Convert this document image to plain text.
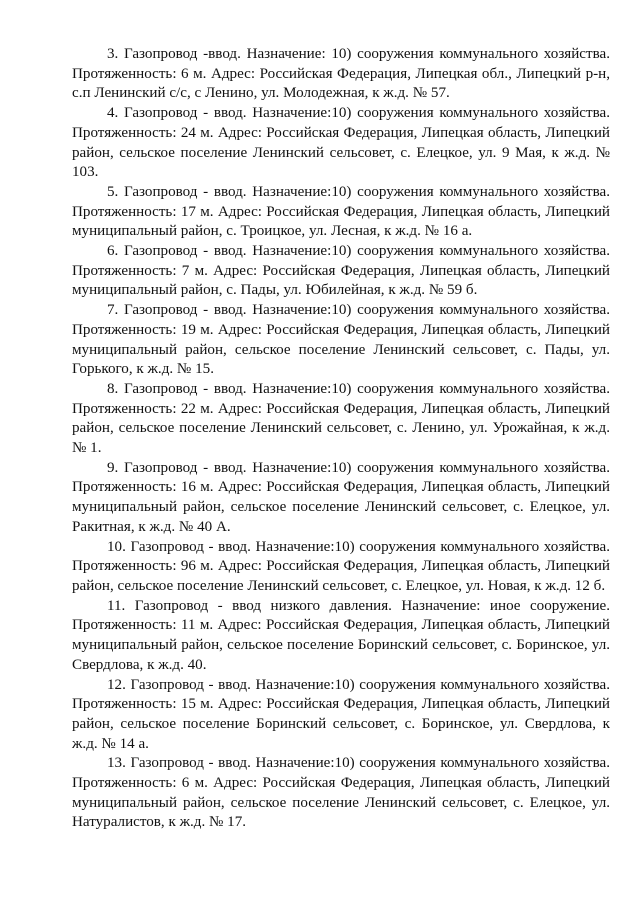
3. Газопровод -ввод. Назначение: 10) сооружения коммунального хозяйства. Протяженность: 6 м. Адрес: Российская Федерация, Липецкая обл., Липецкий р-н, с.п Ленинский с/с, с Ленино, ул. Молодежная, к ж.д. № 57.

4. Газопровод - ввод. Назначение:10) сооружения коммунального хозяйства. Протяженность: 24 м. Адрес: Российская Федерация, Липецкая область, Липецкий район, сельское поселение Ленинский сельсовет, с. Елецкое, ул. 9 Мая, к ж.д. № 103.

5. Газопровод - ввод. Назначение:10) сооружения коммунального хозяйства. Протяженность: 17 м. Адрес: Российская Федерация, Липецкая область, Липецкий муниципальный район, с. Троицкое, ул. Лесная, к ж.д. № 16 а.

6. Газопровод - ввод. Назначение:10) сооружения коммунального хозяйства. Протяженность: 7 м. Адрес: Российская Федерация, Липецкая область, Липецкий муниципальный район, с. Пады, ул. Юбилейная, к ж.д. № 59 б.

7. Газопровод - ввод. Назначение:10) сооружения коммунального хозяйства. Протяженность: 19 м. Адрес: Российская Федерация, Липецкая область, Липецкий муниципальный район, сельское поселение Ленинский сельсовет, с. Пады, ул. Горького, к ж.д. № 15.

8. Газопровод - ввод. Назначение:10) сооружения коммунального хозяйства. Протяженность: 22 м. Адрес: Российская Федерация, Липецкая область, Липецкий район, сельское поселение Ленинский сельсовет, с. Ленино, ул. Урожайная, к ж.д. № 1.

9. Газопровод - ввод. Назначение:10) сооружения коммунального хозяйства. Протяженность: 16 м. Адрес: Российская Федерация, Липецкая область, Липецкий муниципальный район, сельское поселение Ленинский сельсовет, с. Елецкое, ул. Ракитная, к ж.д. № 40 А.

10. Газопровод - ввод. Назначение:10) сооружения коммунального хозяйства. Протяженность: 96 м. Адрес: Российская Федерация, Липецкая область, Липецкий район, сельское поселение Ленинский сельсовет, с. Елецкое, ул. Новая, к ж.д. 12 б.

11. Газопровод - ввод низкого давления. Назначение: иное сооружение. Протяженность: 11 м. Адрес: Российская Федерация, Липецкая область, Липецкий муниципальный район, сельское поселение Боринский сельсовет, с. Боринское, ул. Свердлова, к ж.д. 40.

12. Газопровод - ввод. Назначение:10) сооружения коммунального хозяйства. Протяженность: 15 м. Адрес: Российская Федерация, Липецкая область, Липецкий район, сельское поселение Боринский сельсовет, с. Боринское, ул. Свердлова, к ж.д. № 14 а.

13. Газопровод - ввод. Назначение:10) сооружения коммунального хозяйства. Протяженность: 6 м. Адрес: Российская Федерация, Липецкая область, Липецкий муниципальный район, сельское поселение Ленинский сельсовет, с. Елецкое, ул. Натуралистов, к ж.д. № 17.
